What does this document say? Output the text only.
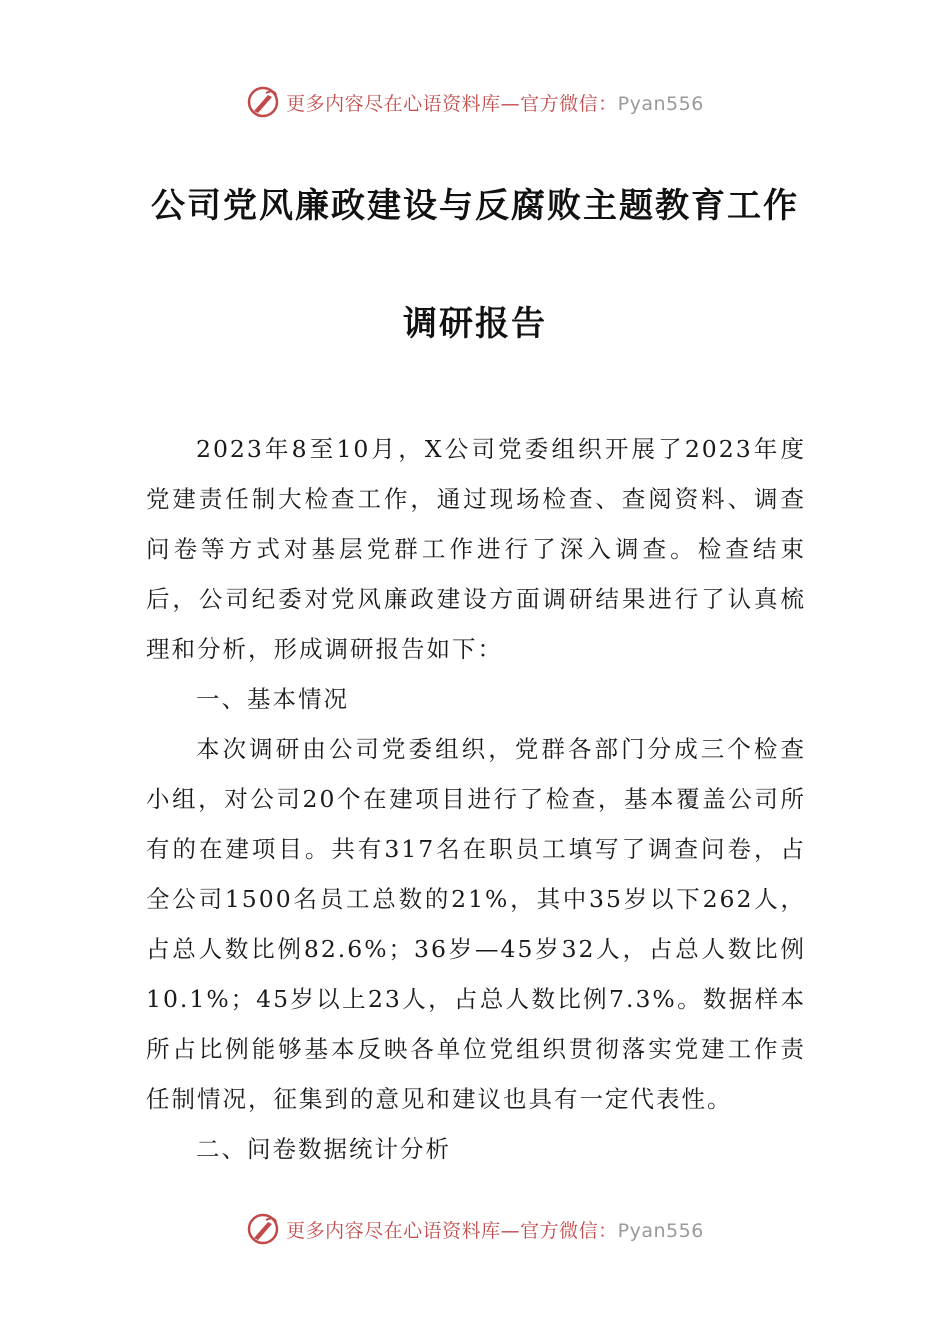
更多内容尽在心语资料库—官方微信：Pyan556
公司党风廉政建设与反腐败主题教育工作
调研报告

2023年8至10月，X公司党委组织开展了2023年度党建责任制大检查工作，通过现场检查、查阅资料、调查问卷等方式对基层党群工作进行了深入调查。检查结束后，公司纪委对党风廉政建设方面调研结果进行了认真梳理和分析，形成调研报告如下：

一、基本情况

本次调研由公司党委组织，党群各部门分成三个检查小组，对公司20个在建项目进行了检查，基本覆盖公司所有的在建项目。共有317名在职员工填写了调查问卷，占全公司1500名员工总数的21%，其中35岁以下262人，占总人数比例82.6%；36岁—45岁32人，占总人数比例10.1%；45岁以上23人，占总人数比例7.3%。数据样本所占比例能够基本反映各单位党组织贯彻落实党建工作责任制情况，征集到的意见和建议也具有一定代表性。

二、问卷数据统计分析

更多内容尽在心语资料库—官方微信：Pyan556
